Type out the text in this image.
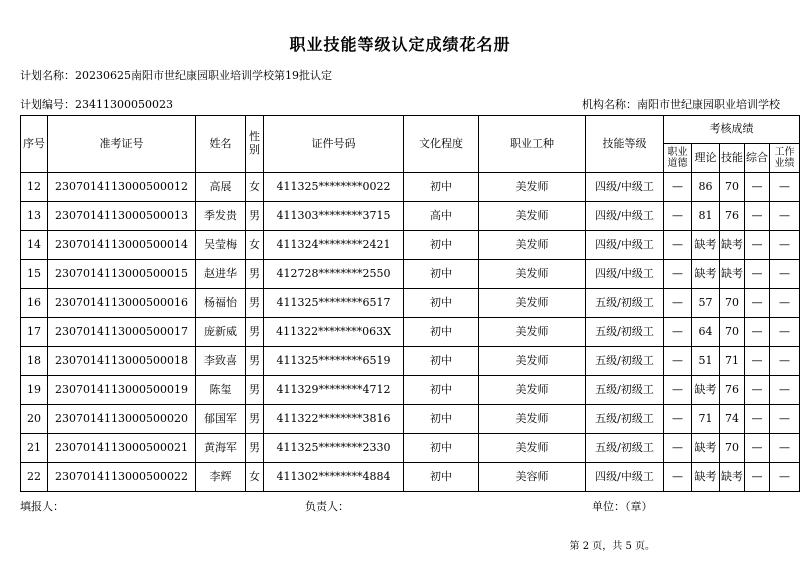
职业技能等级认定成绩花名册
计划名称：20230625南阳市世纪康园职业培训学校第19批认定
计划编号：23411300050023	机构名称：南阳市世纪康园职业培训学校
序号	准考证号	姓名	性别	证件号码	文化程度	职业工种	技能等级	考核成绩				
								职业道德	理论	技能	综合	工作业绩
12	2307014113000500012	高展	女	411325********0022	初中	美发师	四级/中级工	—	86	70	—	—
13	2307014113000500013	季发贵	男	411303********3715	高中	美发师	四级/中级工	—	81	76	—	—
14	2307014113000500014	吴莹梅	女	411324********2421	初中	美发师	四级/中级工	—	缺考	缺考	—	—
15	2307014113000500015	赵进华	男	412728********2550	初中	美发师	四级/中级工	—	缺考	缺考	—	—
16	2307014113000500016	杨福怡	男	411325********6517	初中	美发师	五级/初级工	—	57	70	—	—
17	2307014113000500017	庞新威	男	411322********063X	初中	美发师	五级/初级工	—	64	70	—	—
18	2307014113000500018	李致喜	男	411325********6519	初中	美发师	五级/初级工	—	51	71	—	—
19	2307014113000500019	陈玺	男	411329********4712	初中	美发师	五级/初级工	—	缺考	76	—	—
20	2307014113000500020	郁国军	男	411322********3816	初中	美发师	五级/初级工	—	71	74	—	—
21	2307014113000500021	黄海军	男	411325********2330	初中	美发师	五级/初级工	—	缺考	70	—	—
22	2307014113000500022	李辉	女	411302********4884	初中	美容师	四级/中级工	—	缺考	缺考	—	—
填报人：	负责人：	单位：（章）
第 2 页，共 5 页。
